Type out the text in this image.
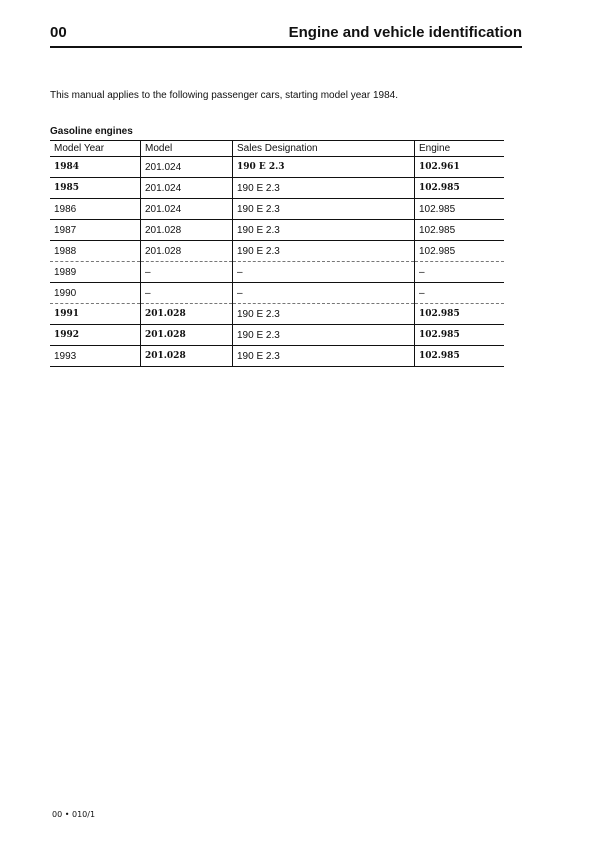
00	Engine and vehicle identification
This manual applies to the following passenger cars, starting model year 1984.
Gasoline engines
Model Year	Model	Sales Designation	Engine
1984	201.024	190 E 2.3	102.961
1985	201.024	190 E 2.3	102.985
1986	201.024	190 E 2.3	102.985
1987	201.028	190 E 2.3	102.985
1988	201.028	190 E 2.3	102.985
1989	–	–	–
1990	–	–	–
1991	201.028	190 E 2.3	102.985
1992	201.028	190 E 2.3	102.985
1993	201.028	190 E 2.3	102.985
00 • 010/1
